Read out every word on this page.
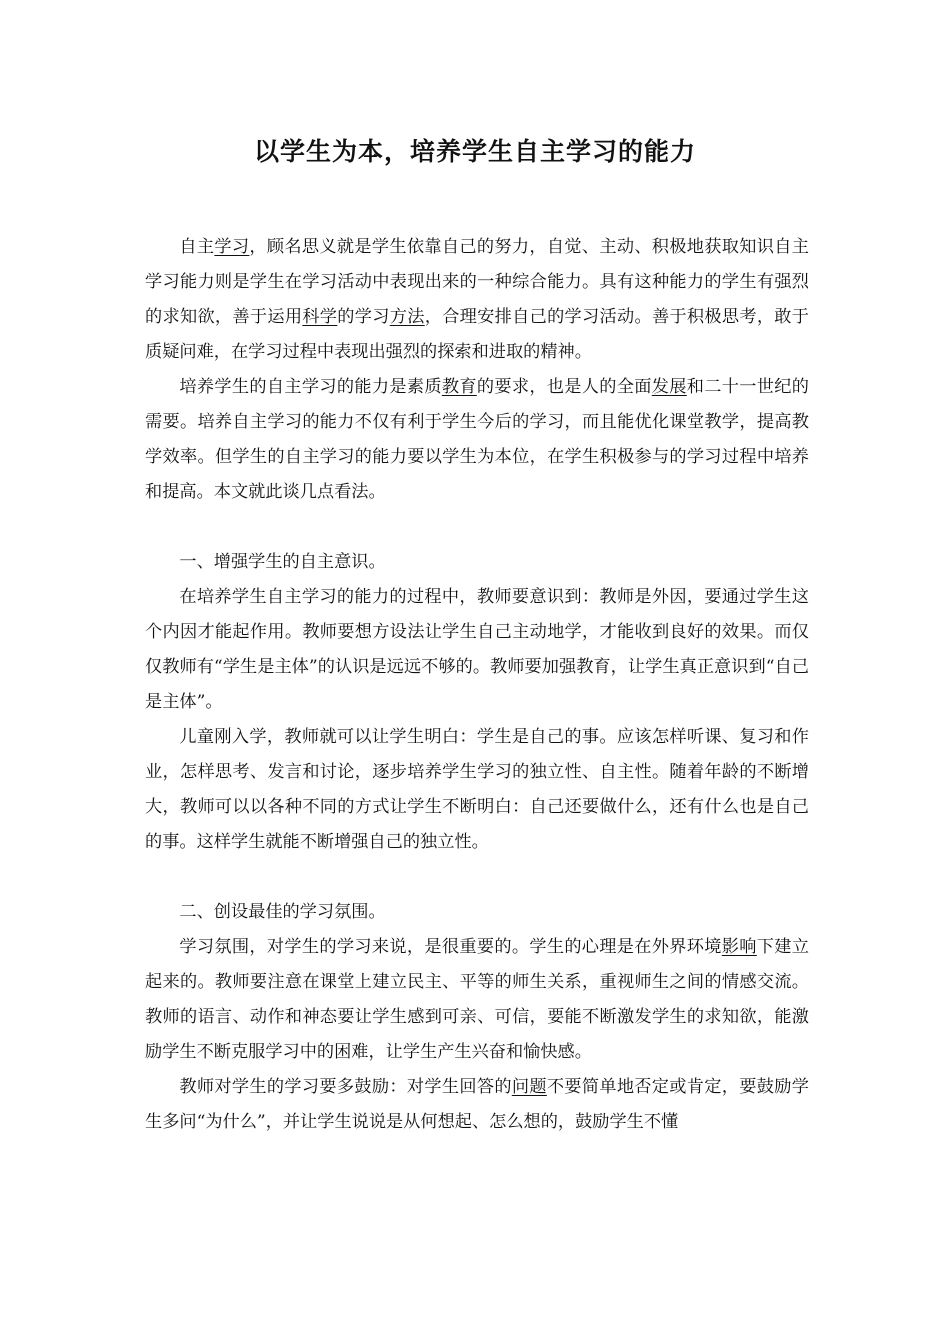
以学生为本，培养学生自主学习的能力

自主学习，顾名思义就是学生依靠自己的努力，自觉、主动、积极地获取知识自主学习能力则是学生在学习活动中表现出来的一种综合能力。具有这种能力的学生有强烈的求知欲，善于运用科学的学习方法，合理安排自己的学习活动。善于积极思考，敢于质疑问难，在学习过程中表现出强烈的探索和进取的精神。

培养学生的自主学习的能力是素质教育的要求，也是人的全面发展和二十一世纪的需要。培养自主学习的能力不仅有利于学生今后的学习，而且能优化课堂教学，提高教学效率。但学生的自主学习的能力要以学生为本位，在学生积极参与的学习过程中培养和提高。本文就此谈几点看法。

一、增强学生的自主意识。

在培养学生自主学习的能力的过程中，教师要意识到：教师是外因，要通过学生这个内因才能起作用。教师要想方设法让学生自己主动地学，才能收到良好的效果。而仅仅教师有“学生是主体”的认识是远远不够的。教师要加强教育，让学生真正意识到“自己是主体”。

儿童刚入学，教师就可以让学生明白：学生是自己的事。应该怎样听课、复习和作业，怎样思考、发言和讨论，逐步培养学生学习的独立性、自主性。随着年龄的不断增大，教师可以以各种不同的方式让学生不断明白：自己还要做什么，还有什么也是自己的事。这样学生就能不断增强自己的独立性。

二、创设最佳的学习氛围。

学习氛围，对学生的学习来说，是很重要的。学生的心理是在外界环境影响下建立起来的。教师要注意在课堂上建立民主、平等的师生关系，重视师生之间的情感交流。教师的语言、动作和神态要让学生感到可亲、可信，要能不断激发学生的求知欲，能激励学生不断克服学习中的困难，让学生产生兴奋和愉快感。

教师对学生的学习要多鼓励：对学生回答的问题不要简单地否定或肯定，要鼓励学生多问“为什么”，并让学生说说是从何想起、怎么想的，鼓励学生不懂
